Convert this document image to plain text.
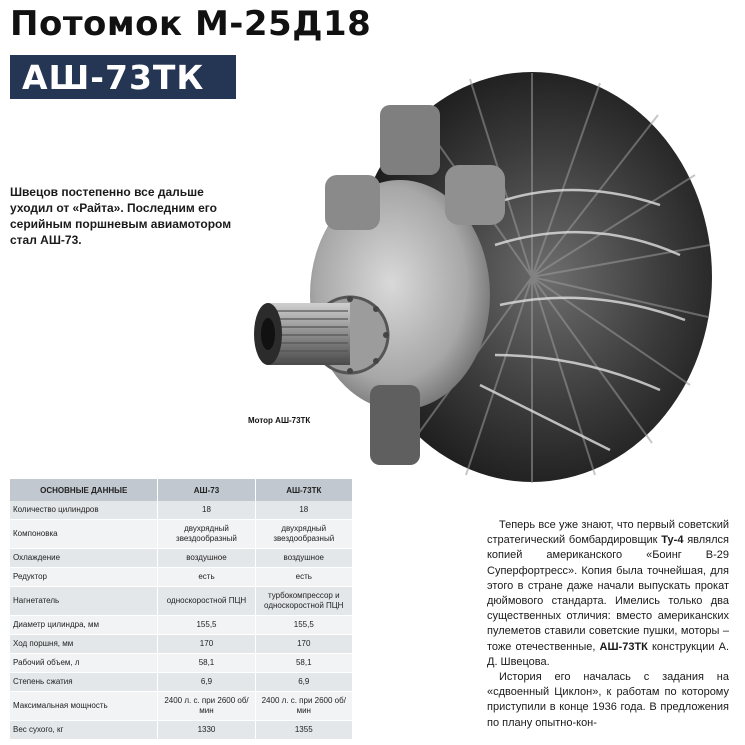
Потомок М-25Д18
АШ-73ТК
Швецов постепенно все дальше уходил от «Райта». Последним его серийным поршневым авиамотором стал АШ-73.
Мотор АШ-73ТК
ОСНОВНЫЕ ДАННЫЕ	АШ-73	АШ-73ТК
Количество цилиндров	18	18
Компоновка	двухрядный звездообразный	двухрядный звездообразный
Охлаждение	воздушное	воздушное
Редуктор	есть	есть
Нагнетатель	односкоростной ПЦН	турбокомпрессор и односкоростной ПЦН
Диаметр цилиндра, мм	155,5	155,5
Ход поршня, мм	170	170
Рабочий объем, л	58,1	58,1
Степень сжатия	6,9	6,9
Максимальная мощность	2400 л. с. при 2600 об/мин	2400 л. с. при 2600 об/мин
Вес сухого, кг	1330	1355

Теперь все уже знают, что первый советский стратегический бомбардировщик Ту-4 являлся копией американского «Боинг B-29 Суперфортресс». Копия была точнейшая, для этого в стране даже начали выпускать прокат дюймового стандарта. Имелись только два существенных отличия: вместо американских пулеметов ставили советские пушки, моторы – тоже отечественные, АШ-73ТК конструкции А. Д. Швецова.

История его началась с задания на «сдвоенный Циклон», к работам по которому приступили в конце 1936 года. В предложения по плану опытно-кон-
